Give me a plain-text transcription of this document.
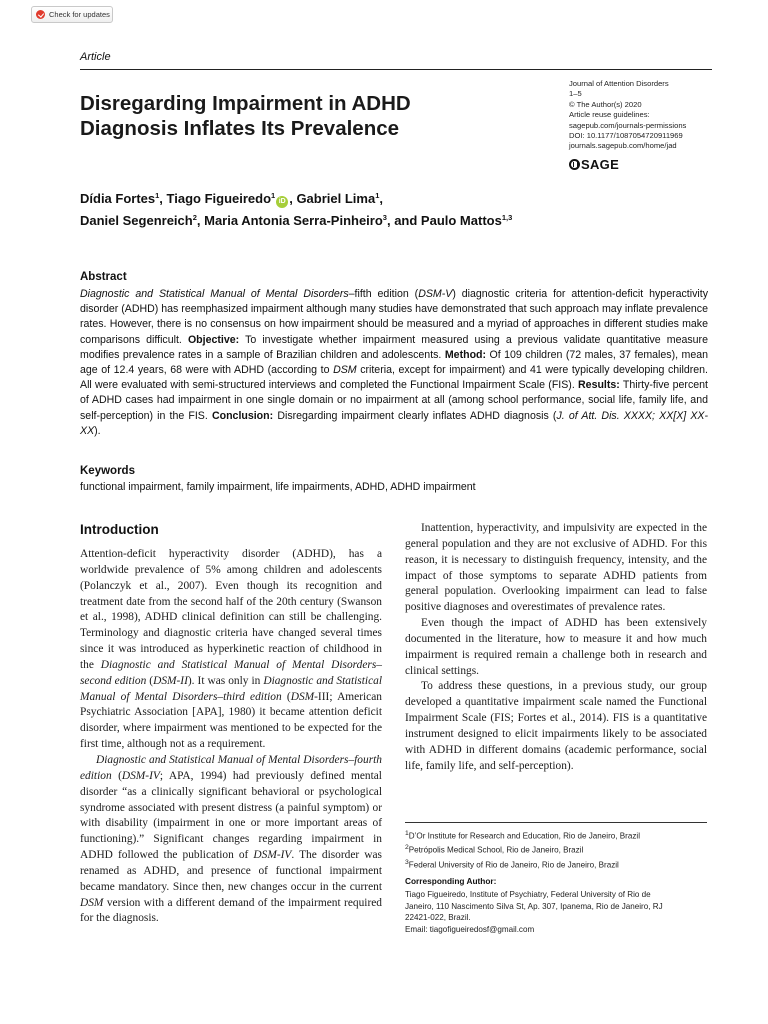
Check for updates
Article
Disregarding Impairment in ADHD
Diagnosis Inflates Its Prevalence
Journal of Attention Disorders
1–5
© The Author(s) 2020
Article reuse guidelines:
sagepub.com/journals-permissions
DOI: 10.1177/1087054720911969
journals.sagepub.com/home/jad
SAGE
Dídia Fortes$^1$, Tiago Figueiredo$^1$iD , Gabriel Lima$^1$,
Daniel Segenreich$^2$, Maria Antonia Serra-Pinheiro$^3$, and Paulo Mattos$^{1,3}$
Abstract
Diagnostic and Statistical Manual of Mental Disorders–fifth edition (DSM-V) diagnostic criteria for attention-deficit hyperactivity disorder (ADHD) has reemphasized impairment although many studies have demonstrated that such approach may inflate prevalence rates. However, there is no consensus on how impairment should be measured and a myriad of approaches in different studies make comparisons difficult. Objective: To investigate whether impairment measured using a previous validate quantitative measure modifies prevalence rates in a sample of Brazilian children and adolescents. Method: Of 109 children (72 males, 37 females), mean age of 12.4 years, 68 were with ADHD (according to DSM criteria, except for impairment) and 41 were typically developing children. All were evaluated with semi-structured interviews and completed the Functional Impairment Scale (FIS). Results: Thirty-five percent of ADHD cases had impairment in one single domain or no impairment at all (among school performance, social life, family life, and self-perception) in the FIS. Conclusion: Disregarding impairment clearly inflates ADHD diagnosis (J. of Att. Dis. XXXX; XX[X] XX-XX).
Keywords
functional impairment, family impairment, life impairments, ADHD, ADHD impairment
Introduction

Attention-deficit hyperactivity disorder (ADHD), has a worldwide prevalence of 5% among children and adolescents (Polanczyk et al., 2007). Even though its recognition and treatment date from the second half of the 20th century (Swanson et al., 1998), ADHD clinical definition can still be challenging. Terminology and diagnostic criteria have changed several times since it was introduced as hyperkinetic reaction of childhood in the Diagnostic and Statistical Manual of Mental Disorders–second edition (DSM-II). It was only in Diagnostic and Statistical Manual of Mental Disorders–third edition (DSM-III; American Psychiatric Association [APA], 1980) it became attention deficit disorder, where impairment was mentioned to be expected for the first time, although not as a requirement.

Diagnostic and Statistical Manual of Mental Disorders–fourth edition (DSM-IV; APA, 1994) had previously defined mental disorder “as a clinically significant behavioral or psychological syndrome associated with present distress (a painful symptom) or with disability (impairment in one or more important areas of functioning).” Significant changes regarding impairment in ADHD followed the publication of DSM-IV. The disorder was renamed as ADHD, and presence of functional impairment became mandatory. Since then, new changes occur in the current DSM version with a different demand of the impairment required for the diagnosis.

Inattention, hyperactivity, and impulsivity are expected in the general population and they are not exclusive of ADHD. For this reason, it is necessary to distinguish frequency, intensity, and the impact of those symptoms to separate ADHD patients from general population. Overlooking impairment can lead to false positive diagnoses and overestimates of prevalence rates.

Even though the impact of ADHD has been extensively documented in the literature, how to measure it and how much impairment is required remain a challenge both in research and clinical settings.

To address these questions, in a previous study, our group developed a quantitative impairment scale named the Functional Impairment Scale (FIS; Fortes et al., 2014). FIS is a quantitative instrument designed to elicit impairments likely to be associated with ADHD in different domains (academic performance, social life, family life, and self-perception).

$^1$D’Or Institute for Research and Education, Rio de Janeiro, Brazil
$^2$Petrópolis Medical School, Rio de Janeiro, Brazil
$^3$Federal University of Rio de Janeiro, Rio de Janeiro, Brazil
Corresponding Author:
Tiago Figueiredo, Institute of Psychiatry, Federal University of Rio de
Janeiro, 110 Nascimento Silva St, Ap. 307, Ipanema, Rio de Janeiro, RJ
22421-022, Brazil.
Email: tiagofigueiredosf@gmail.com
